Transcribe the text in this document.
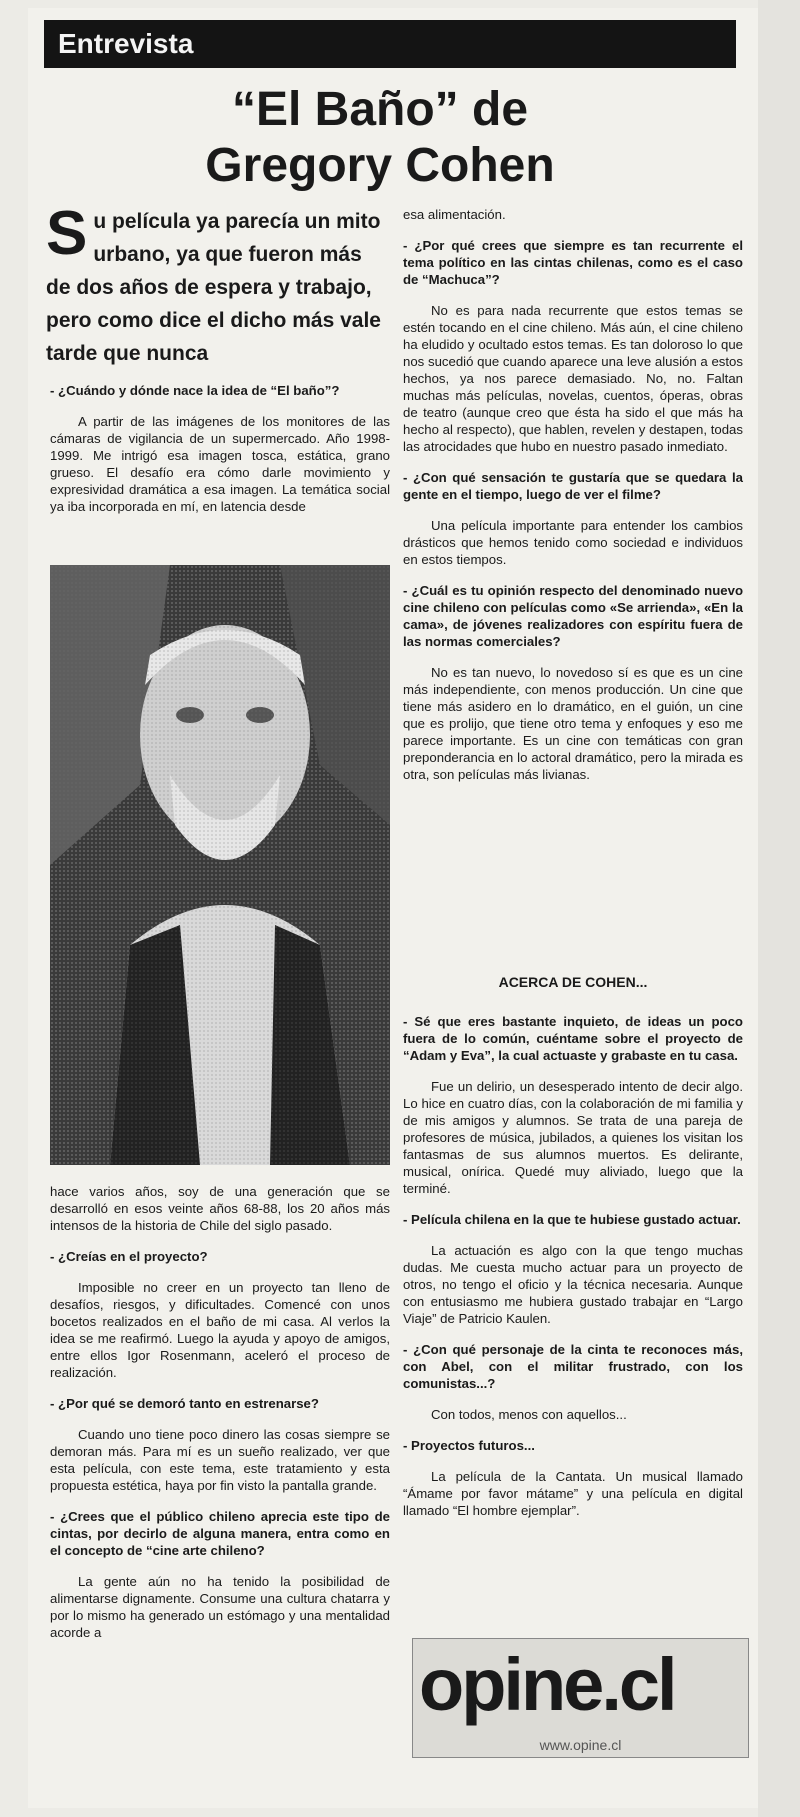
Entrevista
“El Baño” de
Gregory Cohen

Su película ya parecía un mito urbano, ya que fueron más de dos años de espera y trabajo, pero como dice el dicho más vale tarde que nunca

- ¿Cuándo y dónde nace la idea de “El baño”?

A partir de las imágenes de los monitores de las cámaras de vigilancia de un supermercado. Año 1998-1999. Me intrigó esa imagen tosca, estática, grano grueso. El desafío era cómo darle movimiento y expresividad dramática a esa imagen. La temática social ya iba incorporada en mí, en latencia desde

hace varios años, soy de una generación que se desarrolló en esos veinte años 68-88, los 20 años más intensos de la historia de Chile del siglo pasado.

- ¿Creías en el proyecto?

Imposible no creer en un proyecto tan lleno de desafíos, riesgos, y dificultades. Comencé con unos bocetos realizados en el baño de mi casa. Al verlos la idea se me reafirmó. Luego la ayuda y apoyo de amigos, entre ellos Igor Rosenmann, aceleró el proceso de realización.

- ¿Por qué se demoró tanto en estrenarse?

Cuando uno tiene poco dinero las cosas siempre se demoran más. Para mí es un sueño realizado, ver que esta película, con este tema, este tratamiento y esta propuesta estética, haya por fin visto la pantalla grande.

- ¿Crees que el público chileno aprecia este tipo de cintas, por decirlo de alguna manera, entra como en el concepto de “cine arte chileno?

La gente aún no ha tenido la posibilidad de alimentarse dignamente. Consume una cultura chatarra y por lo mismo ha generado un estómago y una mentalidad acorde a

esa alimentación.

- ¿Por qué crees que siempre es tan recurrente el tema político en las cintas chilenas, como es el caso de “Machuca”?

No es para nada recurrente que estos temas se estén tocando en el cine chileno. Más aún, el cine chileno ha eludido y ocultado estos temas. Es tan doloroso lo que nos sucedió que cuando aparece una leve alusión a estos hechos, ya nos parece demasiado. No, no. Faltan muchas más películas, novelas, cuentos, óperas, obras de teatro (aunque creo que ésta ha sido el que más ha hecho al respecto), que hablen, revelen y destapen, todas las atrocidades que hubo en nuestro pasado inmediato.

- ¿Con qué sensación te gustaría que se quedara la gente en el tiempo, luego de ver el filme?

Una película importante para entender los cambios drásticos que hemos tenido como sociedad e individuos en estos tiempos.

- ¿Cuál es tu opinión respecto del denominado nuevo cine chileno con películas como «Se arrienda», «En la cama», de jóvenes realizadores con espíritu fuera de las normas comerciales?

No es tan nuevo, lo novedoso sí es que es un cine más independiente, con menos producción. Un cine que tiene más asidero en lo dramático, en el guión, un cine que es prolijo, que tiene otro tema y enfoques y eso me parece importante. Es un cine con temáticas con gran preponderancia en lo actoral dramático, pero la mirada es otra, son películas más livianas.

ACERCA DE COHEN...

- Sé que eres bastante inquieto, de ideas un poco fuera de lo común, cuéntame sobre el proyecto de “Adam y Eva”, la cual actuaste y grabaste en tu casa.

Fue un delirio, un desesperado intento de decir algo. Lo hice en cuatro días, con la colaboración de mi familia y de mis amigos y alumnos. Se trata de una pareja de profesores de música, jubilados, a quienes los visitan los fantasmas de sus alumnos muertos. Es delirante, musical, onírica. Quedé muy aliviado, luego que la terminé.

- Película chilena en la que te hubiese gustado actuar.

La actuación es algo con la que tengo muchas dudas. Me cuesta mucho actuar para un proyecto de otros, no tengo el oficio y la técnica necesaria. Aunque con entusiasmo me hubiera gustado trabajar en “Largo Viaje” de Patricio Kaulen.

- ¿Con qué personaje de la cinta te reconoces más, con Abel, con el militar frustrado, con los comunistas...?

Con todos, menos con aquellos...

- Proyectos futuros...

La película de la Cantata. Un musical llamado “Ámame por favor mátame” y una película en digital llamado “El hombre ejemplar”.

opine.cl
www.opine.cl
